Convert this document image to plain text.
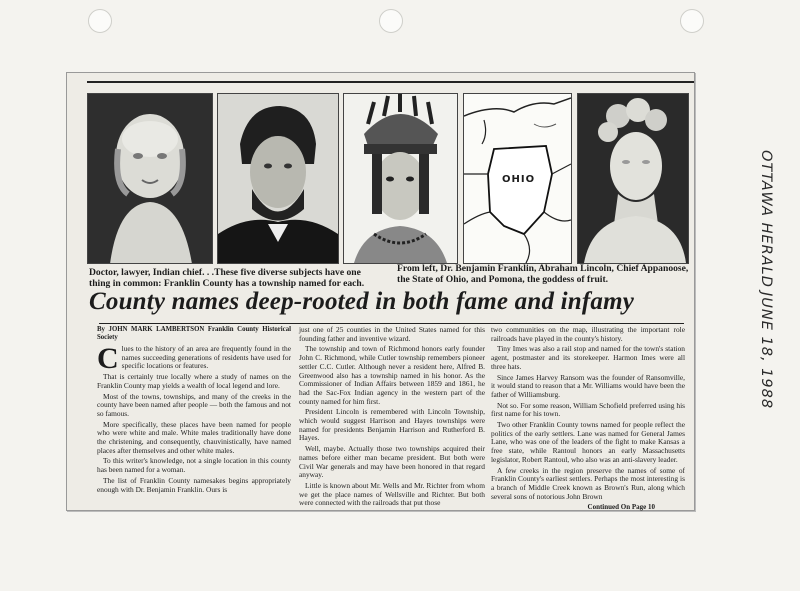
OHIO
Doctor, lawyer, Indian chief. . .These five diverse subjects have one thing in common: Franklin County has a township named for each.
From left, Dr. Benjamin Franklin, Abraham Lincoln, Chief Appanoose, the State of Ohio, and Pomona, the goddess of fruit.
County names deep-rooted in both fame and infamy
By JOHN MARK LAMBERTSON Franklin County Historical Society
C lues to the history of an area are frequently found in the names succeeding generations of residents have used for specific locations or features.

That is certainly true locally where a study of names on the Franklin County map yields a wealth of local legend and lore.

Most of the towns, townships, and many of the creeks in the county have been named after people — both the famous and not so famous.

More specifically, these places have been named for people who were white and male. White males traditionally have done the christening, and consequently, chauvinistically, have named places after themselves and other white males.

To this writer's knowledge, not a single location in this county has been named for a woman.

The list of Franklin County namesakes begins appropriately enough with Dr. Benjamin Franklin. Ours is

just one of 25 counties in the United States named for this founding father and inventive wizard.

The township and town of Richmond honors early founder John C. Richmond, while Cutler township remembers pioneer settler C.C. Cutler. Although never a resident here, Alfred B. Greenwood also has a township named in his honor. As the Commissioner of Indian Affairs between 1859 and 1861, he had the Sac-Fox Indian agency in the western part of the county named for him first.

President Lincoln is remembered with Lincoln Township, which would suggest Harrison and Hayes townships were named for presidents Benjamin Harrison and Rutherford B. Hayes.

Well, maybe. Actually those two townships acquired their names before either man became president. But both were Civil War generals and may have been honored in that regard anyway.

Little is known about Mr. Wells and Mr. Richter from whom we get the place names of Wellsville and Richter. But both were connected with the railroads that put those

two communities on the map, illustrating the important role railroads have played in the county's history.

Tiny Imes was also a rail stop and named for the town's station agent, postmaster and its storekeeper. Harmon Imes were all three hats.

Since James Harvey Ransom was the founder of Ransomville, it would stand to reason that a Mr. Williams would have been the father of Williamsburg.

Not so. For some reason, William Schofield preferred using his first name for his town.

Two other Franklin County towns named for people reflect the politics of the early settlers. Lane was named for General James Lane, who was one of the leaders of the fight to make Kansas a free state, while Rantoul honors an early Massachusetts legislator, Robert Rantoul, who also was an anti-slavery leader.

A few creeks in the region preserve the names of some of Franklin County's earliest settlers. Perhaps the most interesting is a branch of Middle Creek known as Brown's Run, along which several sons of notorious John Brown

Continued On Page 10
OTTAWA HERALD
JUNE 18, 1988
